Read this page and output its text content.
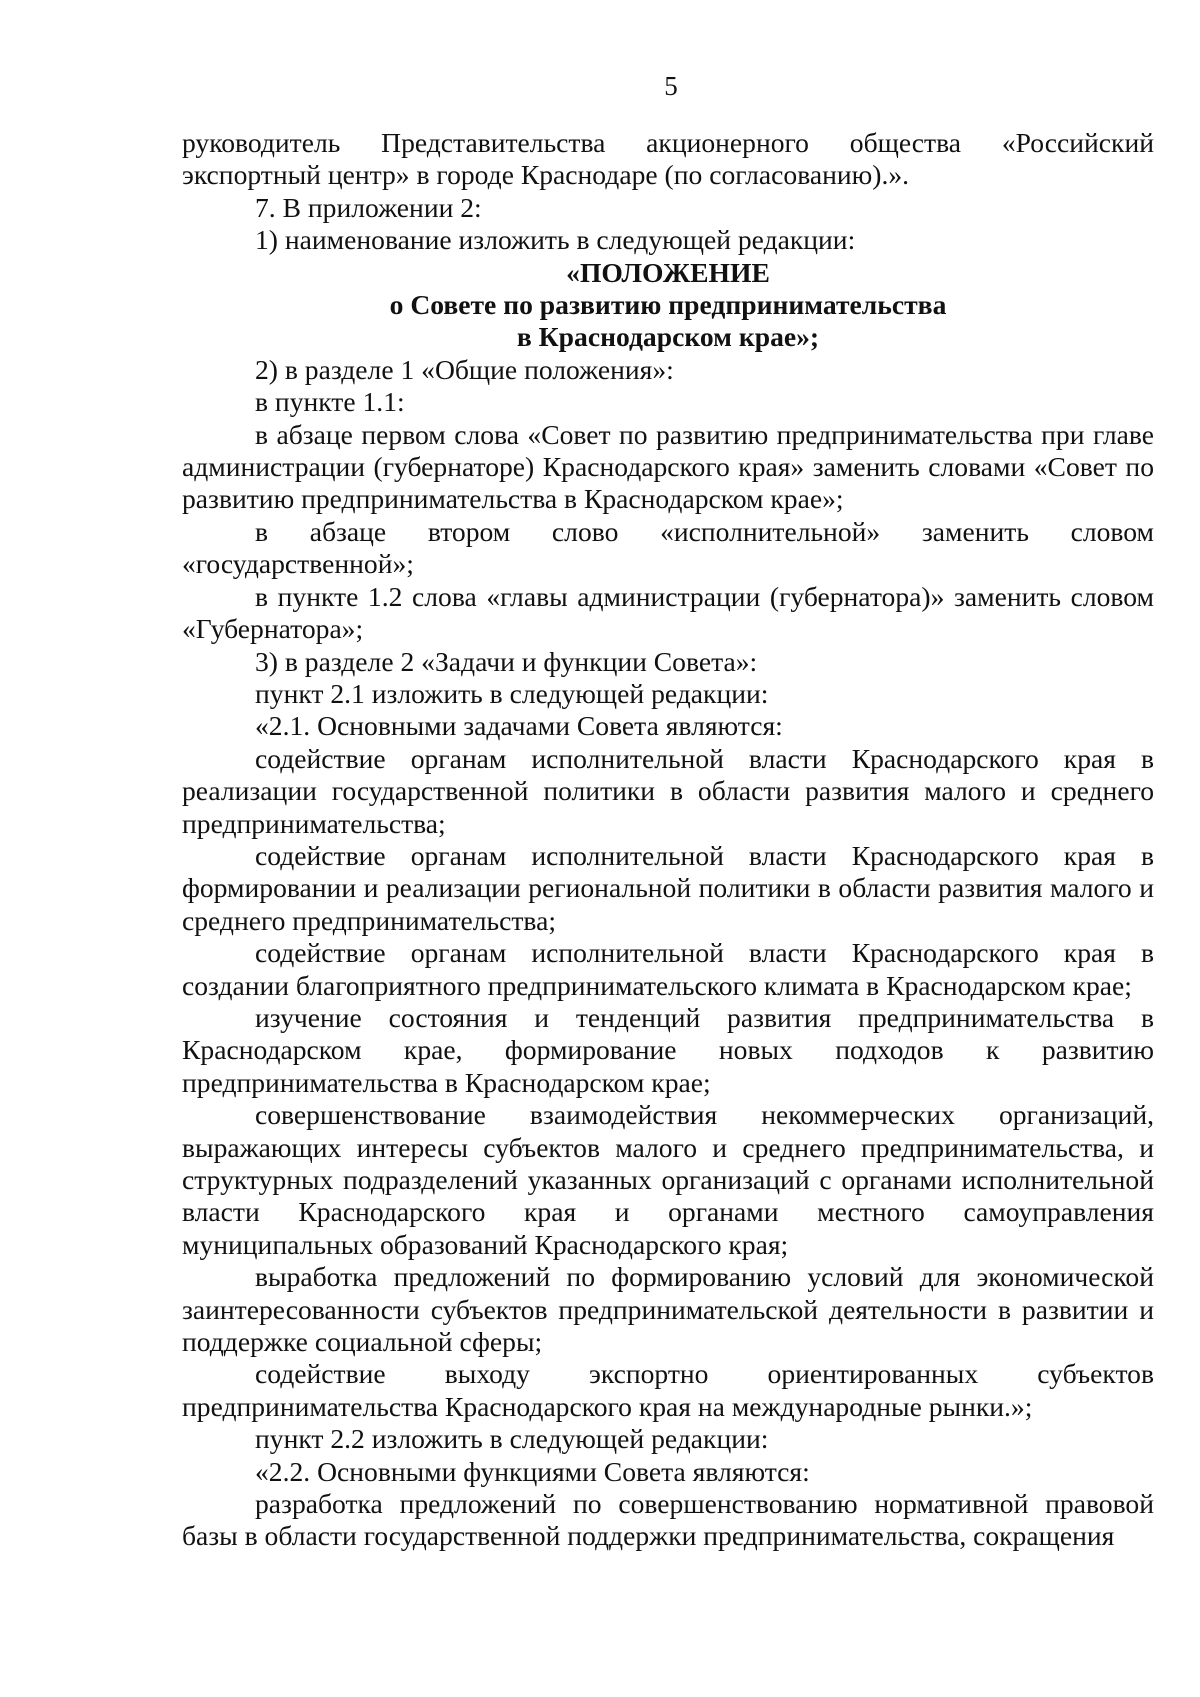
5

руководитель Представительства акционерного общества «Российский экспортный центр» в городе Краснодаре (по согласованию).».

7. В приложении 2:

1) наименование изложить в следующей редакции:

«ПОЛОЖЕНИЕ

о Совете по развитию предпринимательства

в Краснодарском крае»;

2) в разделе 1 «Общие положения»:

в пункте 1.1:

в абзаце первом слова «Совет по развитию предпринимательства при главе администрации (губернаторе) Краснодарского края» заменить словами «Совет по развитию предпринимательства в Краснодарском крае»;

в абзаце втором слово «исполнительной» заменить словом «государственной»;

в пункте 1.2 слова «главы администрации (губернатора)» заменить словом «Губернатора»;

3) в разделе 2 «Задачи и функции Совета»:

пункт 2.1 изложить в следующей редакции:

«2.1. Основными задачами Совета являются:

содействие органам исполнительной власти Краснодарского края в реализации государственной политики в области развития малого и среднего предпринимательства;

содействие органам исполнительной власти Краснодарского края в формировании и реализации региональной политики в области развития малого и среднего предпринимательства;

содействие органам исполнительной власти Краснодарского края в создании благоприятного предпринимательского климата в Краснодарском крае;

изучение состояния и тенденций развития предпринимательства в Краснодарском крае, формирование новых подходов к развитию предпринимательства в Краснодарском крае;

совершенствование взаимодействия некоммерческих организаций, выражающих интересы субъектов малого и среднего предпринимательства, и структурных подразделений указанных организаций с органами исполнительной власти Краснодарского края и органами местного самоуправления муниципальных образований Краснодарского края;

выработка предложений по формированию условий для экономической заинтересованности субъектов предпринимательской деятельности в развитии и поддержке социальной сферы;

содействие выходу экспортно ориентированных субъектов предпринимательства Краснодарского края на международные рынки.»;

пункт 2.2 изложить в следующей редакции:

«2.2. Основными функциями Совета являются:

разработка предложений по совершенствованию нормативной правовой базы в области государственной поддержки предпринимательства, сокращения
